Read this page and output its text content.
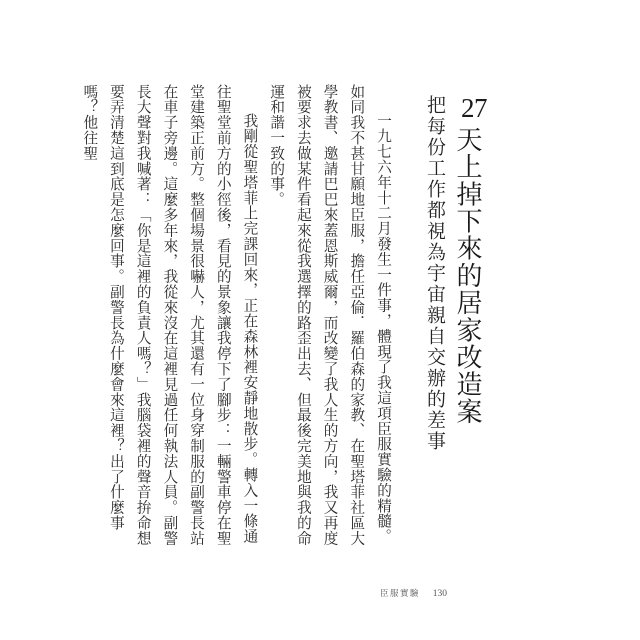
27
天上掉下來的居家改造案
把每份工作都視為宇宙親自交辦的差事

一九七六年十二月發生一件事，體現了我這項臣服實驗的精髓。如同我不甚甘願地臣服，擔任亞倫．羅伯森的家教、在聖塔菲社區大學教書、邀請巴巴來蓋恩斯威爾，而改變了我人生的方向，我又再度被要求去做某件看起來從我選擇的路歪出去、但最後完美地與我的命運和諧一致的事。

我剛從聖塔菲上完課回來，正在森林裡安靜地散步。轉入一條通往聖堂前方的小徑後，看見的景象讓我停下了腳步：一輛警車停在聖堂建築正前方。整個場景很嚇人，尤其還有一位身穿制服的副警長站在車子旁邊。這麼多年來，我從來沒在這裡見過任何執法人員。副警長大聲對我喊著：「你是這裡的負責人嗎？」我腦袋裡的聲音拚命想要弄清楚這到底是怎麼回事。副警長為什麼會來這裡？出了什麼事嗎？他往聖

臣服實驗 130
